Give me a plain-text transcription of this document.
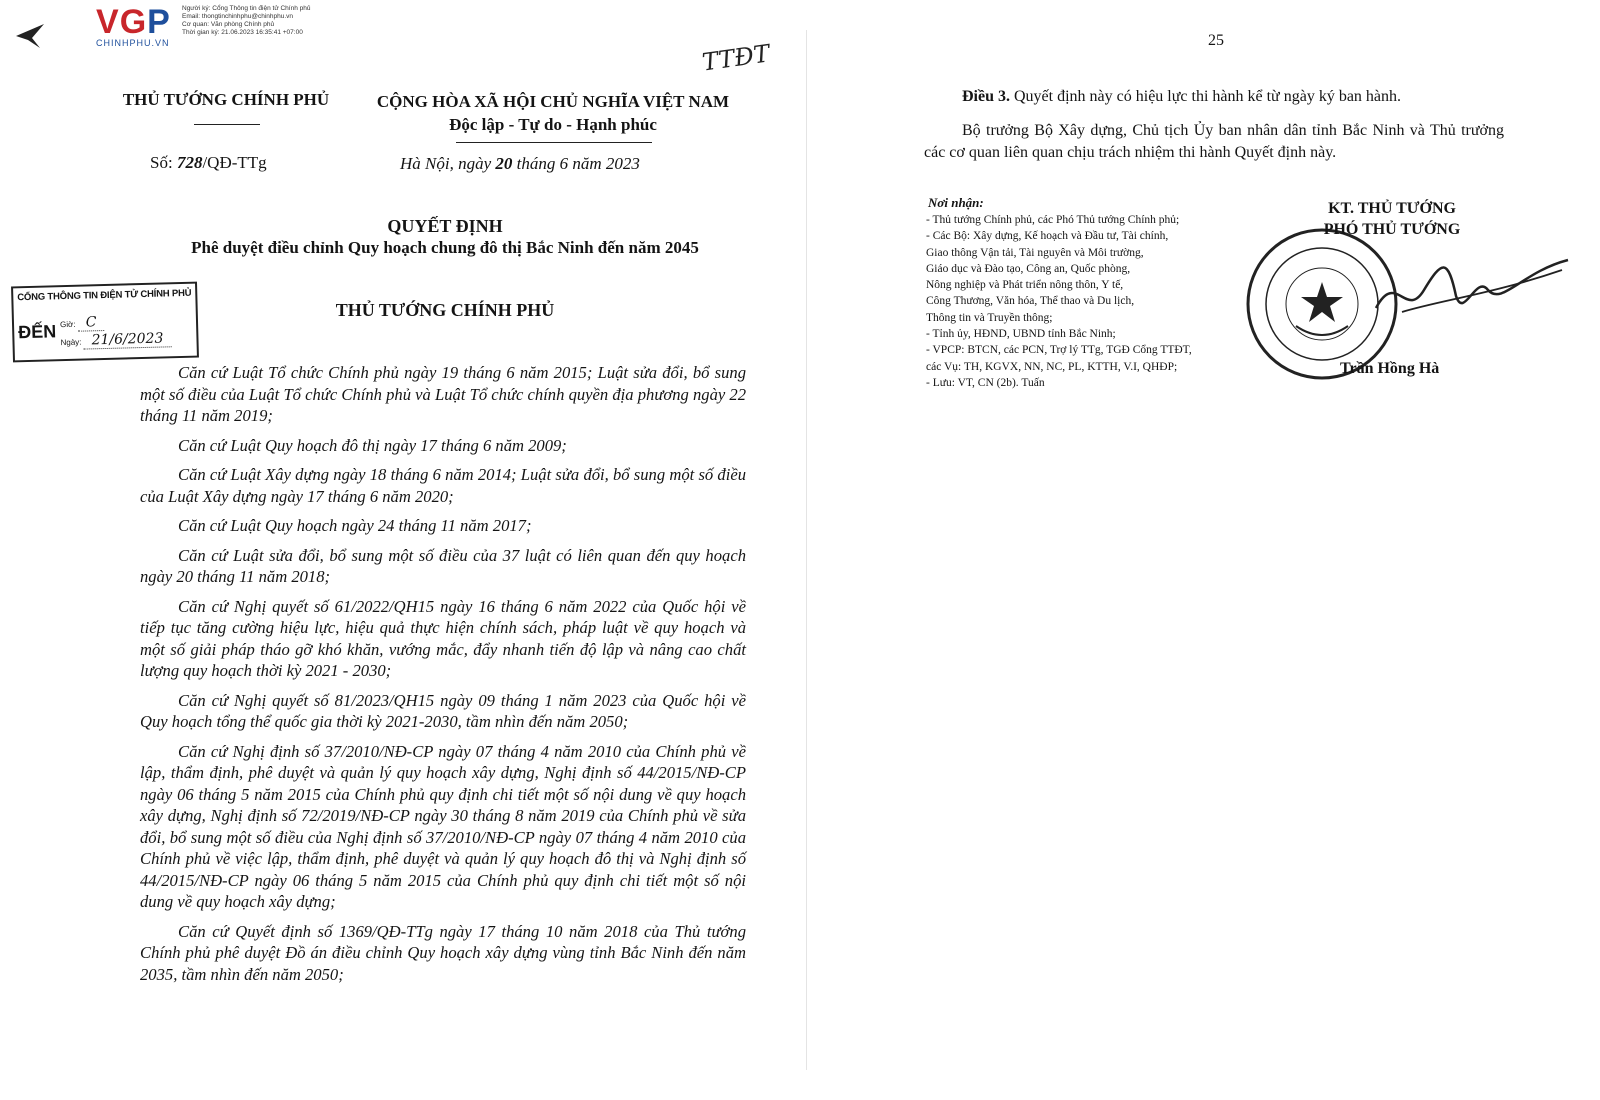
VGP
CHINHPHU.VN
Người ký: Cổng Thông tin điện tử Chính phủ
Email: thongtinchinhphu@chinhphu.vn
Cơ quan: Văn phòng Chính phủ
Thời gian ký: 21.06.2023 16:35:41 +07:00
TTĐT
THỦ TƯỚNG CHÍNH PHỦ	CỘNG HÒA XÃ HỘI CHỦ NGHĨA VIỆT NAM
Độc lập - Tự do - Hạnh phúc
Số: 728/QĐ-TTg	Hà Nội, ngày 20 tháng 6 năm 2023
QUYẾT ĐỊNH
Phê duyệt điều chỉnh Quy hoạch chung đô thị Bắc Ninh đến năm 2045
CỔNG THÔNG TIN ĐIỆN TỬ CHÍNH PHỦ
ĐẾN Giờ: C
Ngày: 21/6/2023
THỦ TƯỚNG CHÍNH PHỦ

Căn cứ Luật Tổ chức Chính phủ ngày 19 tháng 6 năm 2015; Luật sửa đổi, bổ sung một số điều của Luật Tổ chức Chính phủ và Luật Tổ chức chính quyền địa phương ngày 22 tháng 11 năm 2019;

Căn cứ Luật Quy hoạch đô thị ngày 17 tháng 6 năm 2009;

Căn cứ Luật Xây dựng ngày 18 tháng 6 năm 2014; Luật sửa đổi, bổ sung một số điều của Luật Xây dựng ngày 17 tháng 6 năm 2020;

Căn cứ Luật Quy hoạch ngày 24 tháng 11 năm 2017;

Căn cứ Luật sửa đổi, bổ sung một số điều của 37 luật có liên quan đến quy hoạch ngày 20 tháng 11 năm 2018;

Căn cứ Nghị quyết số 61/2022/QH15 ngày 16 tháng 6 năm 2022 của Quốc hội về tiếp tục tăng cường hiệu lực, hiệu quả thực hiện chính sách, pháp luật về quy hoạch và một số giải pháp tháo gỡ khó khăn, vướng mắc, đẩy nhanh tiến độ lập và nâng cao chất lượng quy hoạch thời kỳ 2021 - 2030;

Căn cứ Nghị quyết số 81/2023/QH15 ngày 09 tháng 1 năm 2023 của Quốc hội về Quy hoạch tổng thể quốc gia thời kỳ 2021-2030, tầm nhìn đến năm 2050;

Căn cứ Nghị định số 37/2010/NĐ-CP ngày 07 tháng 4 năm 2010 của Chính phủ về lập, thẩm định, phê duyệt và quản lý quy hoạch xây dựng, Nghị định số 44/2015/NĐ-CP ngày 06 tháng 5 năm 2015 của Chính phủ quy định chi tiết một số nội dung về quy hoạch xây dựng, Nghị định số 72/2019/NĐ-CP ngày 30 tháng 8 năm 2019 của Chính phủ về sửa đổi, bổ sung một số điều của Nghị định số 37/2010/NĐ-CP ngày 07 tháng 4 năm 2010 của Chính phủ về việc lập, thẩm định, phê duyệt và quản lý quy hoạch đô thị và Nghị định số 44/2015/NĐ-CP ngày 06 tháng 5 năm 2015 của Chính phủ quy định chi tiết một số nội dung về quy hoạch xây dựng;

Căn cứ Quyết định số 1369/QĐ-TTg ngày 17 tháng 10 năm 2018 của Thủ tướng Chính phủ phê duyệt Đồ án điều chỉnh Quy hoạch xây dựng vùng tỉnh Bắc Ninh đến năm 2035, tầm nhìn đến năm 2050;

25
Điều 3. Quyết định này có hiệu lực thi hành kể từ ngày ký ban hành.
Bộ trưởng Bộ Xây dựng, Chủ tịch Ủy ban nhân dân tỉnh Bắc Ninh và Thủ trưởng các cơ quan liên quan chịu trách nhiệm thi hành Quyết định này.
Nơi nhận:
- Thủ tướng Chính phủ, các Phó Thủ tướng Chính phủ;
- Các Bộ: Xây dựng, Kế hoạch và Đầu tư, Tài chính,
Giao thông Vận tải, Tài nguyên và Môi trường,
Giáo dục và Đào tạo, Công an, Quốc phòng,
Nông nghiệp và Phát triển nông thôn, Y tế,
Công Thương, Văn hóa, Thể thao và Du lịch,
Thông tin và Truyền thông;
- Tỉnh ủy, HĐND, UBND tỉnh Bắc Ninh;
- VPCP: BTCN, các PCN, Trợ lý TTg, TGĐ Cổng TTĐT,
các Vụ: TH, KGVX, NN, NC, PL, KTTH, V.I, QHĐP;
- Lưu: VT, CN (2b). Tuấn
KT. THỦ TƯỚNG
PHÓ THỦ TƯỚNG
Trần Hồng Hà
